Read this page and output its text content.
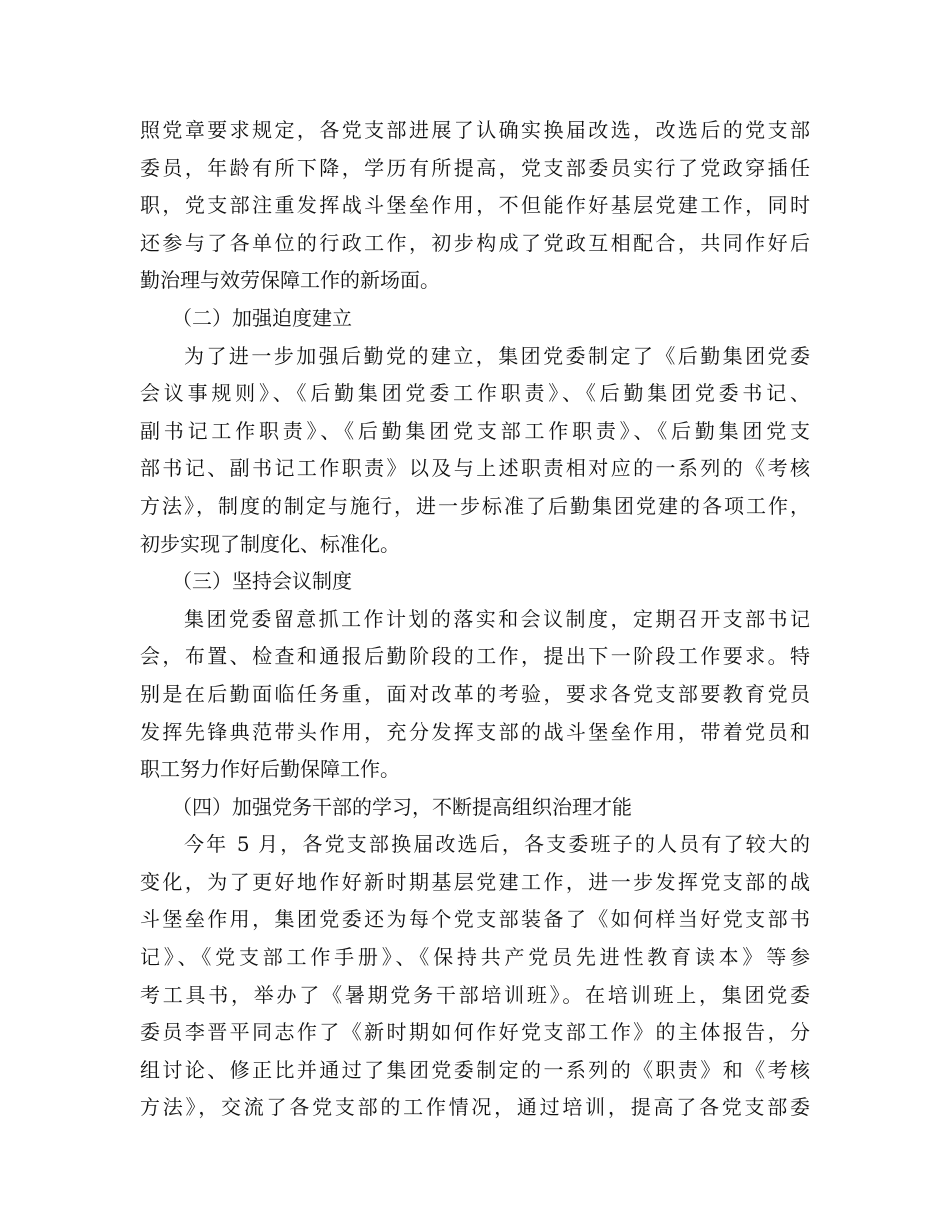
照党章要求规定，各党支部进展了认确实换届改选，改选后的党支部
委员，年龄有所下降，学历有所提高，党支部委员实行了党政穿插任
职，党支部注重发挥战斗堡垒作用，不但能作好基层党建工作，同时
还参与了各单位的行政工作，初步构成了党政互相配合，共同作好后
勤治理与效劳保障工作的新场面。
（二）加强迫度建立
为了进一步加强后勤党的建立，集团党委制定了《后勤集团党委
会议事规则》、《后勤集团党委工作职责》、《后勤集团党委书记、
副书记工作职责》、《后勤集团党支部工作职责》、《后勤集团党支
部书记、副书记工作职责》以及与上述职责相对应的一系列的《考核
方法》，制度的制定与施行，进一步标准了后勤集团党建的各项工作，
初步实现了制度化、标准化。
（三）坚持会议制度
集团党委留意抓工作计划的落实和会议制度，定期召开支部书记
会，布置、检查和通报后勤阶段的工作，提出下一阶段工作要求。特
别是在后勤面临任务重，面对改革的考验，要求各党支部要教育党员
发挥先锋典范带头作用，充分发挥支部的战斗堡垒作用，带着党员和
职工努力作好后勤保障工作。
（四）加强党务干部的学习，不断提高组织治理才能
今年 5 月，各党支部换届改选后，各支委班子的人员有了较大的
变化，为了更好地作好新时期基层党建工作，进一步发挥党支部的战
斗堡垒作用，集团党委还为每个党支部装备了《如何样当好党支部书
记》、《党支部工作手册》、《保持共产党员先进性教育读本》等参
考工具书，举办了《暑期党务干部培训班》。在培训班上，集团党委
委员李晋平同志作了《新时期如何作好党支部工作》的主体报告，分
组讨论、修正比并通过了集团党委制定的一系列的《职责》和《考核
方法》，交流了各党支部的工作情况，通过培训，提高了各党支部委
